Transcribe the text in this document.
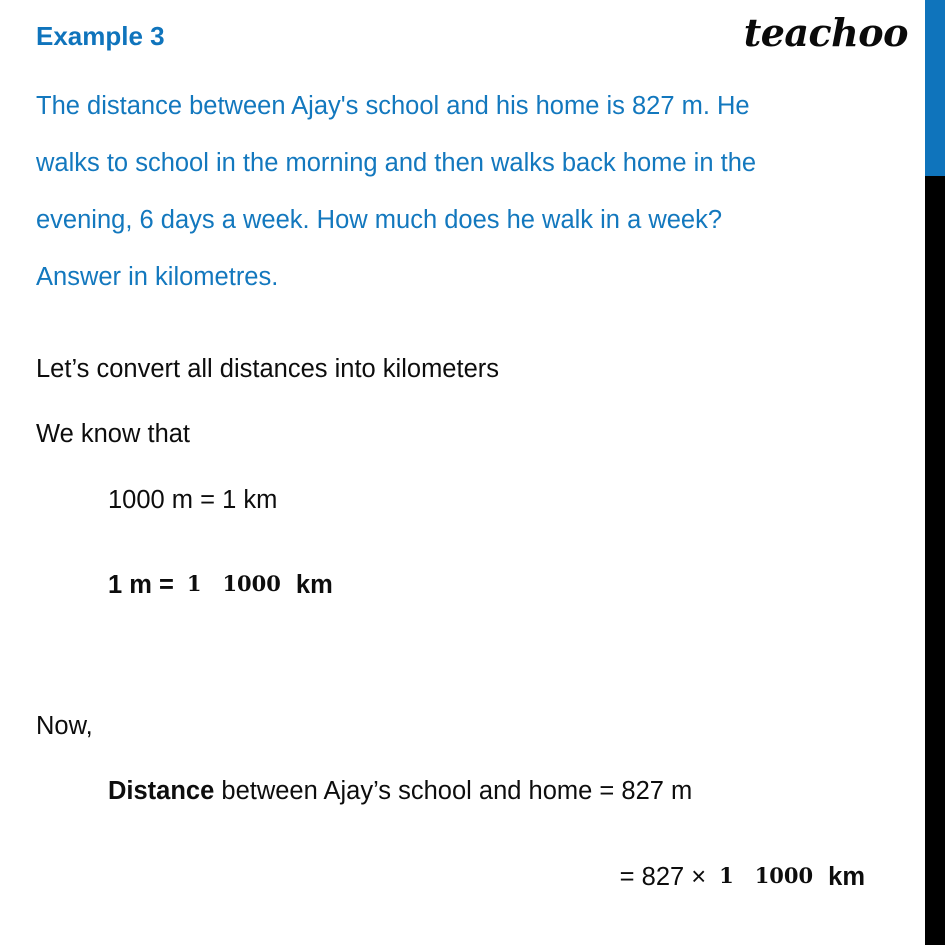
teachoo
Example 3
The distance between Ajay's school and his home is 827 m. He
walks to school in the morning and then walks back home in the
evening, 6 days a week. How much does he walk in a week?
Answer in kilometres.
Let’s convert all distances into kilometers
We know that
1000 m = 1 km
1 m = 1 1000 km
Now,
Distance between Ajay’s school and home = 827 m
= 827 × 1 1000 km
